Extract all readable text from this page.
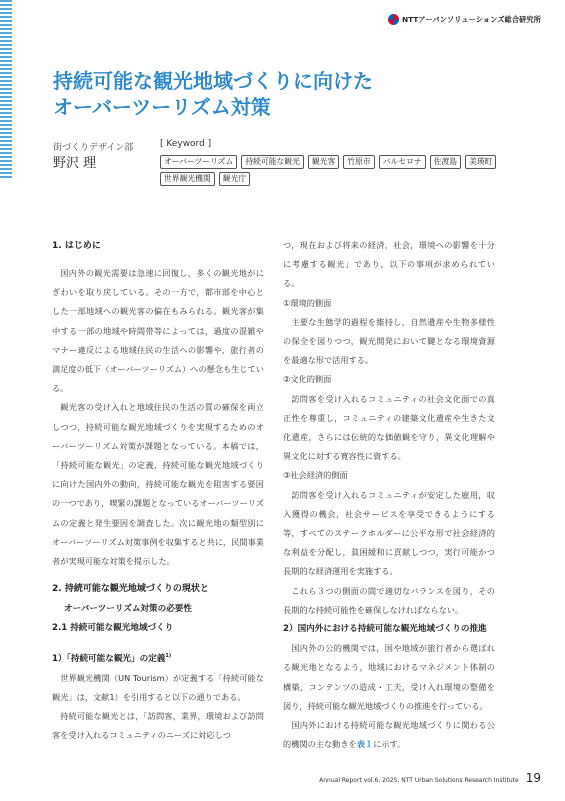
NTTアーバンソリューションズ総合研究所
持続可能な観光地域づくりに向けた
オーバーツーリズム対策
街づくりデザイン部
野沢 理
[ Keyword ]
オーバーツーリズム	持続可能な観光	観光客	竹原市	バルセロナ	佐渡島	美瑛町
世界観光機関	観光庁
1. はじめに

国内外の観光需要は急速に回復し，多くの観光地がにぎわいを取り戻している。その一方で，都市部を中心とした一部地域への観光客の偏在もみられる。観光客が集中する一部の地域や時間帯等によっては，過度の混雑やマナー違反による地域住民の生活への影響や，旅行者の満足度の低下（オーバーツーリズム）への懸念も生じている。

観光客の受け入れと地域住民の生活の質の確保を両立しつつ，持続可能な観光地域づくりを実現するためのオーバーツーリズム対策が課題となっている。本稿では，「持続可能な観光」の定義，持続可能な観光地域づくりに向けた国内外の動向，持続可能な観光を阻害する要因の一つであり，喫緊の課題となっているオーバーツーリズムの定義と発生要因を調査した。次に観光地の類型別にオーバーツーリズム対策事例を収集すると共に，民間事業者が実現可能な対策を提示した。

2. 持続可能な観光地域づくりの現状と
オーバーツーリズム対策の必要性
2.1 持続可能な観光地域づくり
1）「持続可能な観光」の定義$^{1)}$

世界観光機関（UN Tourism）が定義する「持続可能な観光」は，文献1）を引用すると以下の通りである。

持続可能な観光とは，「訪問客，業界，環境および訪問客を受け入れるコミュニティのニーズに対応しつ

つ，現在および将来の経済，社会，環境への影響を十分に考慮する観光」であり，以下の事項が求められている。

①環境的側面

主要な生態学的過程を維持し，自然遺産や生物多様性の保全を図りつつ，観光開発において鍵となる環境資源を最適な形で活用する。

②文化的側面

訪問客を受け入れるコミュニティの社会文化面での真正性を尊重し，コミュニティの建築文化遺産や生きた文化遺産，さらには伝統的な価値観を守り，異文化理解や異文化に対する寛容性に資する。

③社会経済的側面

訪問客を受け入れるコミュニティが安定した雇用，収入獲得の機会，社会サービスを享受できるようにする等，すべてのステークホルダーに公平な形で社会経済的な利益を分配し，貧困緩和に貢献しつつ，実行可能かつ長期的な経済運用を実施する。

これら３つの側面の間で適切なバランスを図り，その長期的な持続可能性を確保しなければならない。

2）国内外における持続可能な観光地域づくりの推進

国内外の公的機関では，国や地域が旅行者から選ばれる観光地となるよう，地域におけるマネジメント体制の構築，コンテンツの造成・工夫，受け入れ環境の整備を図り，持続可能な観光地域づくりの推進を行っている。

国内外における持続可能な観光地域づくりに関わる公的機関の主な動きを表１に示す。

Annual Report vol.6, 2025, NTT Urban Solutions Research Institute 19
